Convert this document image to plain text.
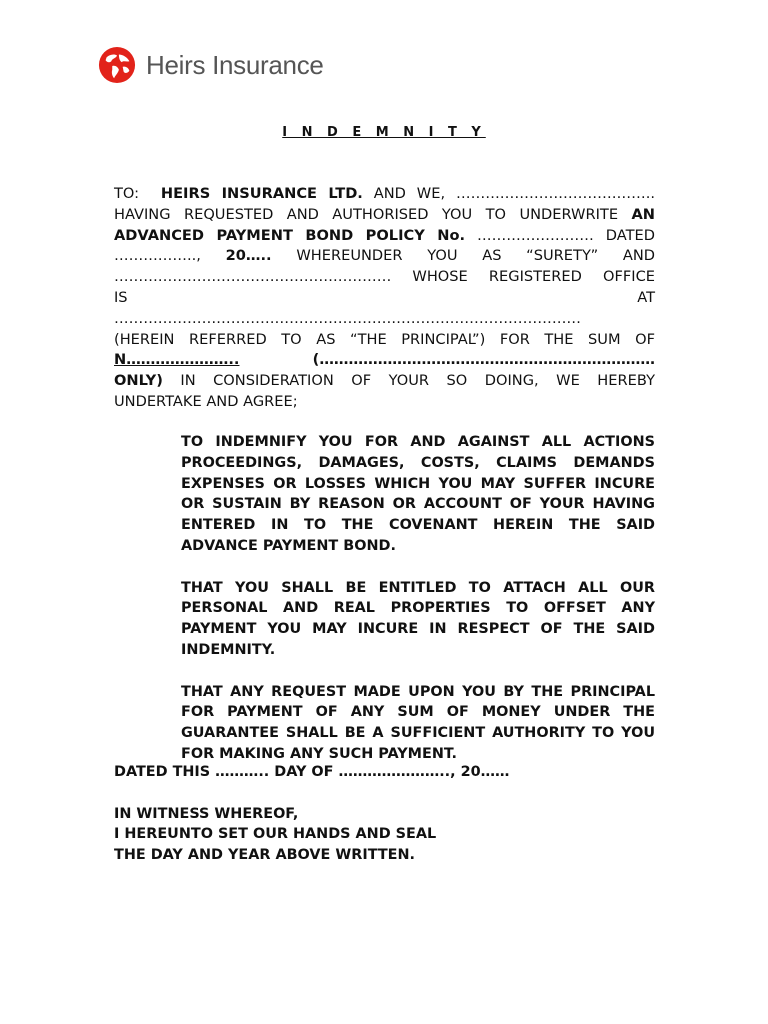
Heirs Insurance
I N D E M N I T Y
TO: HEIRS INSURANCE LTD. AND WE, …………………………………..
HAVING REQUESTED AND AUTHORISED YOU TO UNDERWRITE AN
ADVANCED PAYMENT BOND POLICY No. …………………… DATED
…………….., 20….. WHEREUNDER YOU AS “SURETY” AND
………………………………………………… WHOSE REGISTERED OFFICE
IS	AT
……………………………………………………………………………………
(HEREIN REFERRED TO AS “THE PRINCIPAL”) FOR THE SUM OF
N…………………..	(……………………………………………………………
ONLY) IN CONSIDERATION OF YOUR SO DOING, WE HEREBY
UNDERTAKE AND AGREE;

TO INDEMNIFY YOU FOR AND AGAINST ALL ACTIONS PROCEEDINGS, DAMAGES, COSTS, CLAIMS DEMANDS EXPENSES OR LOSSES WHICH YOU MAY SUFFER INCURE OR SUSTAIN BY REASON OR ACCOUNT OF YOUR HAVING ENTERED IN TO THE COVENANT HEREIN THE SAID ADVANCE PAYMENT BOND.

THAT YOU SHALL BE ENTITLED TO ATTACH ALL OUR PERSONAL AND REAL PROPERTIES TO OFFSET ANY PAYMENT YOU MAY INCURE IN RESPECT OF THE SAID INDEMNITY.

THAT ANY REQUEST MADE UPON YOU BY THE PRINCIPAL FOR PAYMENT OF ANY SUM OF MONEY UNDER THE GUARANTEE SHALL BE A SUFFICIENT AUTHORITY TO YOU FOR MAKING ANY SUCH PAYMENT.

DATED THIS ……….. DAY OF ………………….., 20……

IN WITNESS WHEREOF,

I HEREUNTO SET OUR HANDS AND SEAL

THE DAY AND YEAR ABOVE WRITTEN.
